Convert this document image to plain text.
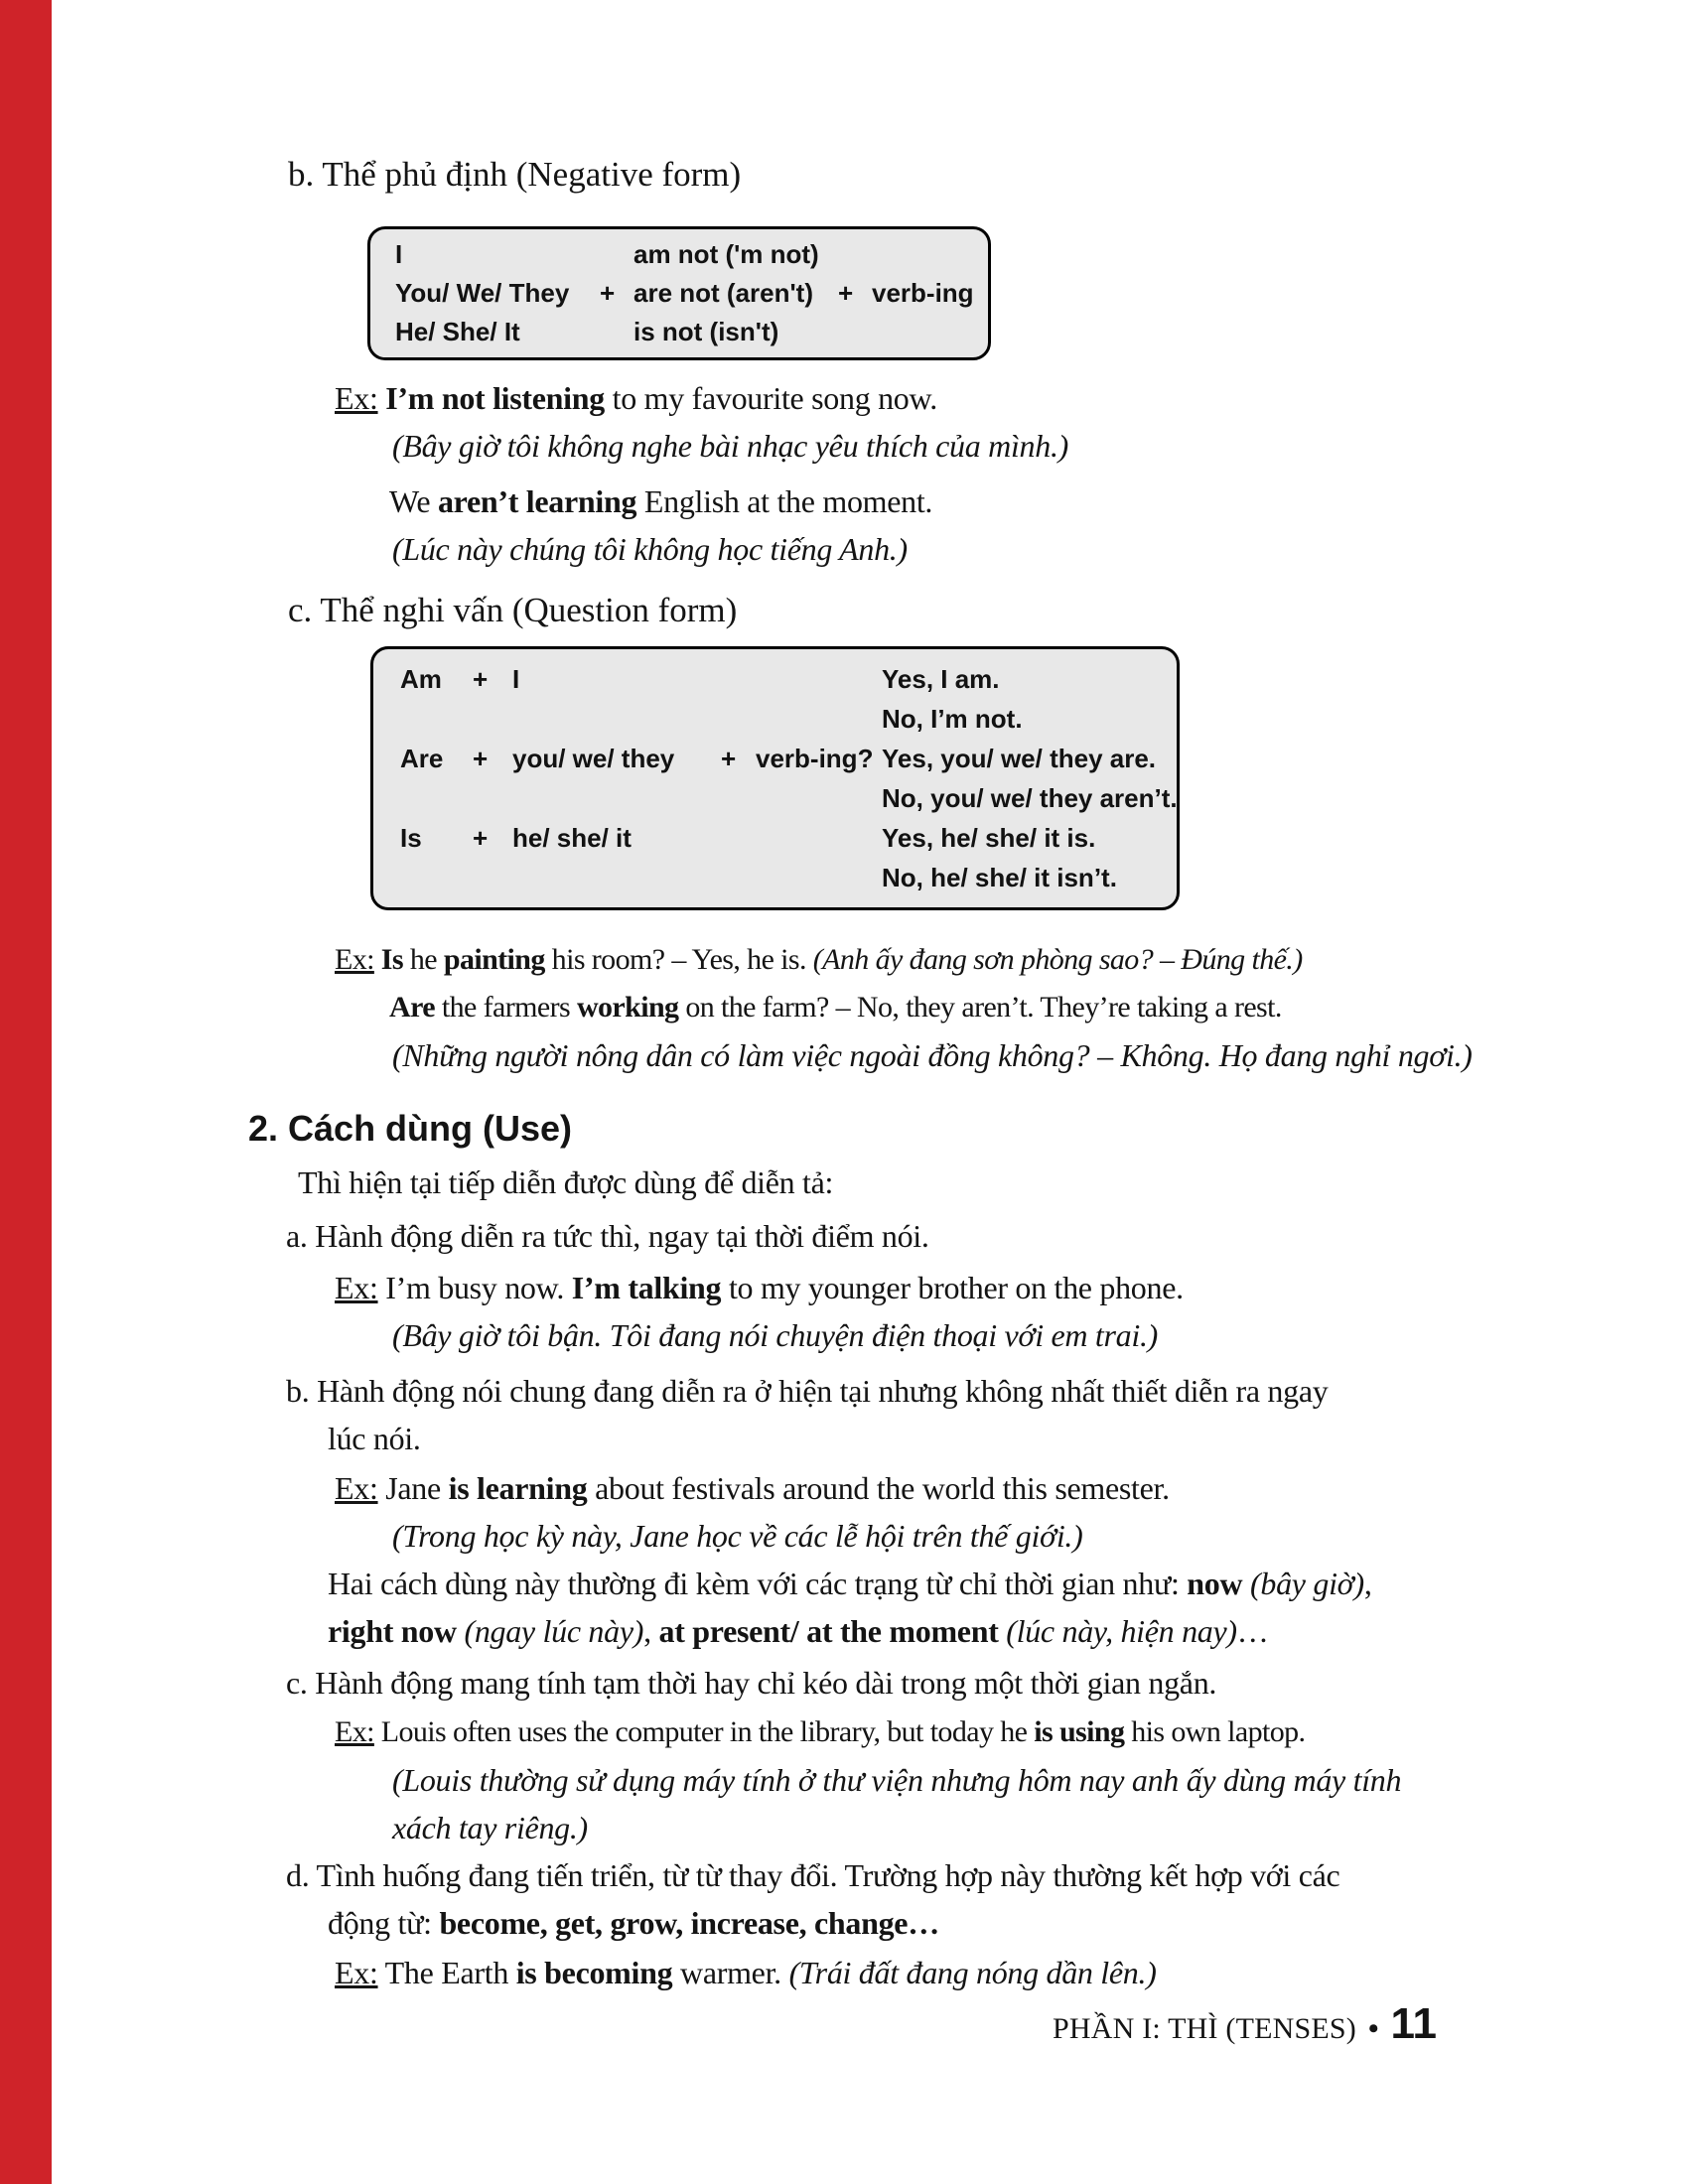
b. Thể phủ định (Negative form)
I	am not ('m not)
You/ We/ They	+ are not (aren't) + verb-ing
He/ She/ It	is not (isn't)
Ex: I’m not listening to my favourite song now.
(Bây giờ tôi không nghe bài nhạc yêu thích của mình.)
We aren’t learning English at the moment.
(Lúc này chúng tôi không học tiếng Anh.)
c. Thể nghi vấn (Question form)
Am	+ I	Yes, I am.
No, I’m not.
Are	+ you/ we/ they	+ verb-ing? Yes, you/ we/ they are.
No, you/ we/ they aren’t.
Is	+ he/ she/ it	Yes, he/ she/ it is.
No, he/ she/ it isn’t.
Ex: Is he painting his room? – Yes, he is. (Anh ấy đang sơn phòng sao? – Đúng thế.)
Are the farmers working on the farm? – No, they aren’t. They’re taking a rest.
(Những người nông dân có làm việc ngoài đồng không? – Không. Họ đang nghỉ ngơi.)
2. Cách dùng (Use)
Thì hiện tại tiếp diễn được dùng để diễn tả:
a. Hành động diễn ra tức thì, ngay tại thời điểm nói.
Ex: I’m busy now. I’m talking to my younger brother on the phone.
(Bây giờ tôi bận. Tôi đang nói chuyện điện thoại với em trai.)
b. Hành động nói chung đang diễn ra ở hiện tại nhưng không nhất thiết diễn ra ngay
lúc nói.
Ex: Jane is learning about festivals around the world this semester.
(Trong học kỳ này, Jane học về các lễ hội trên thế giới.)
Hai cách dùng này thường đi kèm với các trạng từ chỉ thời gian như: now (bây giờ),
right now (ngay lúc này), at present/ at the moment (lúc này, hiện nay)…
c. Hành động mang tính tạm thời hay chỉ kéo dài trong một thời gian ngắn.
Ex: Louis often uses the computer in the library, but today he is using his own laptop.
(Louis thường sử dụng máy tính ở thư viện nhưng hôm nay anh ấy dùng máy tính
xách tay riêng.)
d. Tình huống đang tiến triển, từ từ thay đổi. Trường hợp này thường kết hợp với các
động từ: become, get, grow, increase, change…
Ex: The Earth is becoming warmer. (Trái đất đang nóng dần lên.)
PHẦN I: THÌ (TENSES) • 11
